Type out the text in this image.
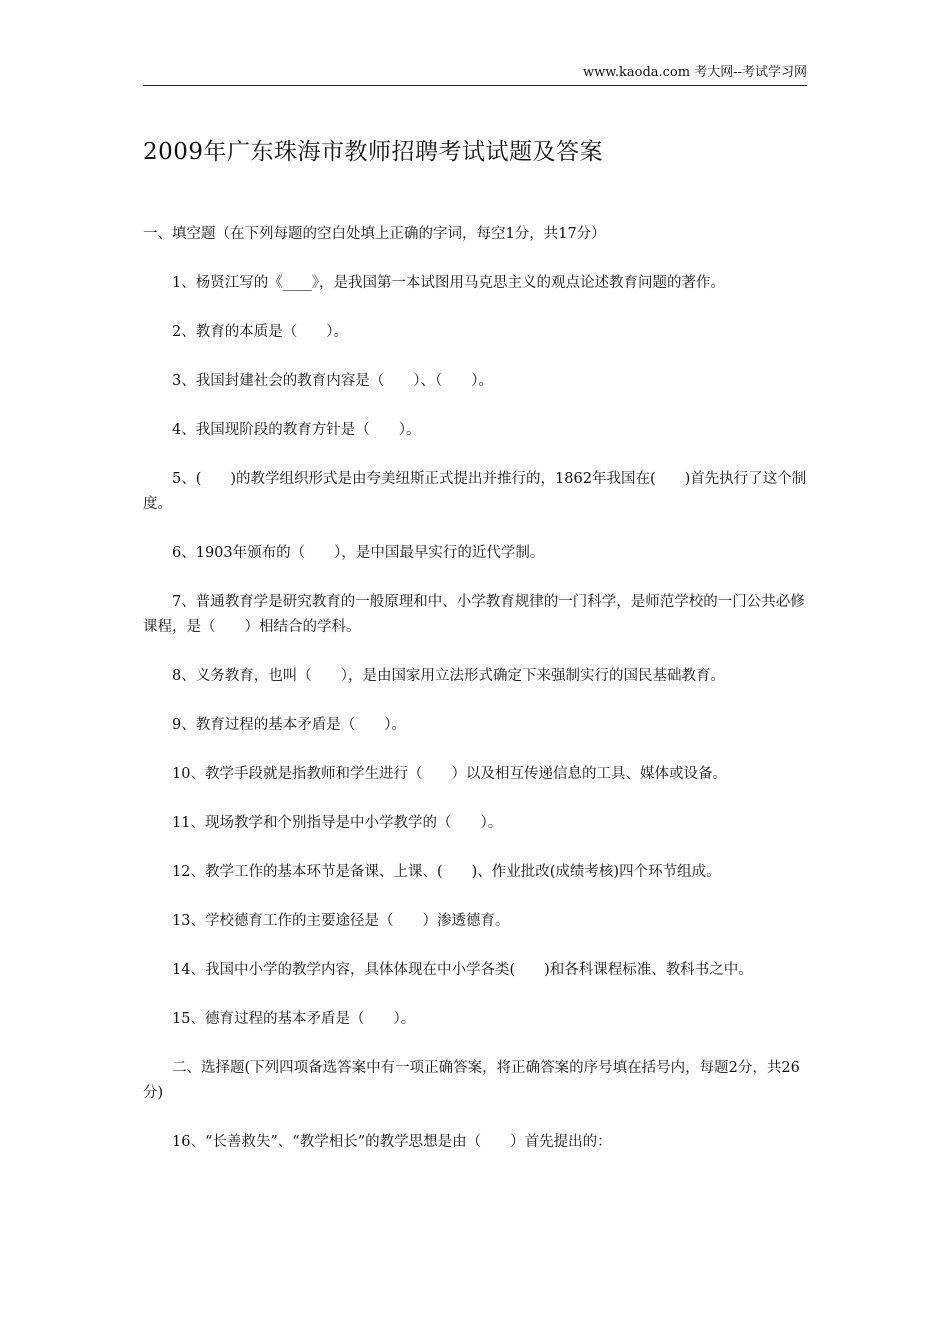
www.kaoda.com 考大网--考试学习网
2009年广东珠海市教师招聘考试试题及答案

一、填空题（在下列每题的空白处填上正确的字词，每空1分，共17分）

1、杨贤江写的《____》，是我国第一本试图用马克思主义的观点论述教育问题的著作。

2、教育的本质是（　　）。

3、我国封建社会的教育内容是（　　）、（　　）。

4、我国现阶段的教育方针是（　　）。

5、(　　)的教学组织形式是由夸美纽斯正式提出并推行的，1862年我国在(　　)首先执行了这个制度。

6、1903年颁布的（　　），是中国最早实行的近代学制。

7、普通教育学是研究教育的一般原理和中、小学教育规律的一门科学，是师范学校的一门公共必修课程，是（　　）相结合的学科。

8、义务教育，也叫（　　），是由国家用立法形式确定下来强制实行的国民基础教育。

9、教育过程的基本矛盾是（　　）。

10、教学手段就是指教师和学生进行（　　）以及相互传递信息的工具、媒体或设备。

11、现场教学和个别指导是中小学教学的（　　）。

12、教学工作的基本环节是备课、上课、(　　)、作业批改(成绩考核)四个环节组成。

13、学校德育工作的主要途径是（　　）渗透德育。

14、我国中小学的教学内容，具体体现在中小学各类(　　)和各科课程标准、教科书之中。

15、德育过程的基本矛盾是（　　）。

二、选择题(下列四项备选答案中有一项正确答案，将正确答案的序号填在括号内，每题2分，共26分)

16、“长善救失”、“教学相长”的教学思想是由（　　）首先提出的：
